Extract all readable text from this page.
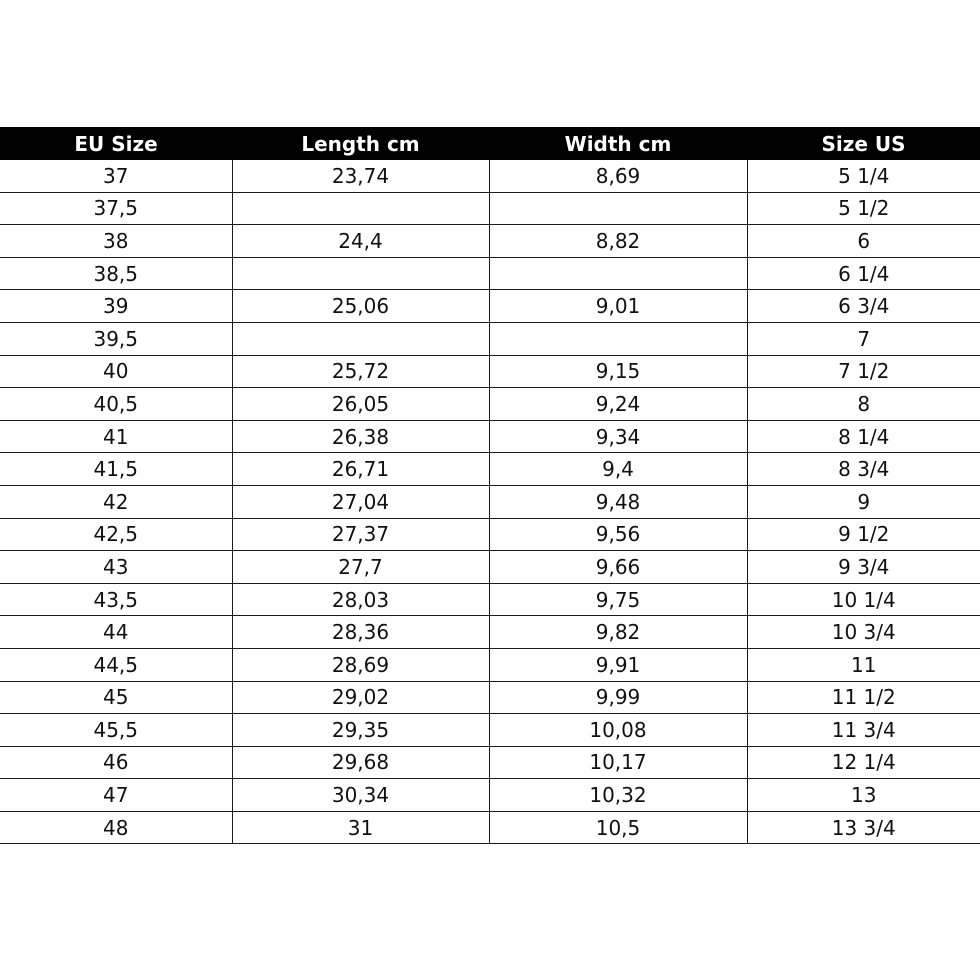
EU Size	Length cm	Width cm	Size US
37	23,74	8,69	5 1/4
37,5			5 1/2
38	24,4	8,82	6
38,5			6 1/4
39	25,06	9,01	6 3/4
39,5			7
40	25,72	9,15	7 1/2
40,5	26,05	9,24	8
41	26,38	9,34	8 1/4
41,5	26,71	9,4	8 3/4
42	27,04	9,48	9
42,5	27,37	9,56	9 1/2
43	27,7	9,66	9 3/4
43,5	28,03	9,75	10 1/4
44	28,36	9,82	10 3/4
44,5	28,69	9,91	11
45	29,02	9,99	11 1/2
45,5	29,35	10,08	11 3/4
46	29,68	10,17	12 1/4
47	30,34	10,32	13
48	31	10,5	13 3/4
